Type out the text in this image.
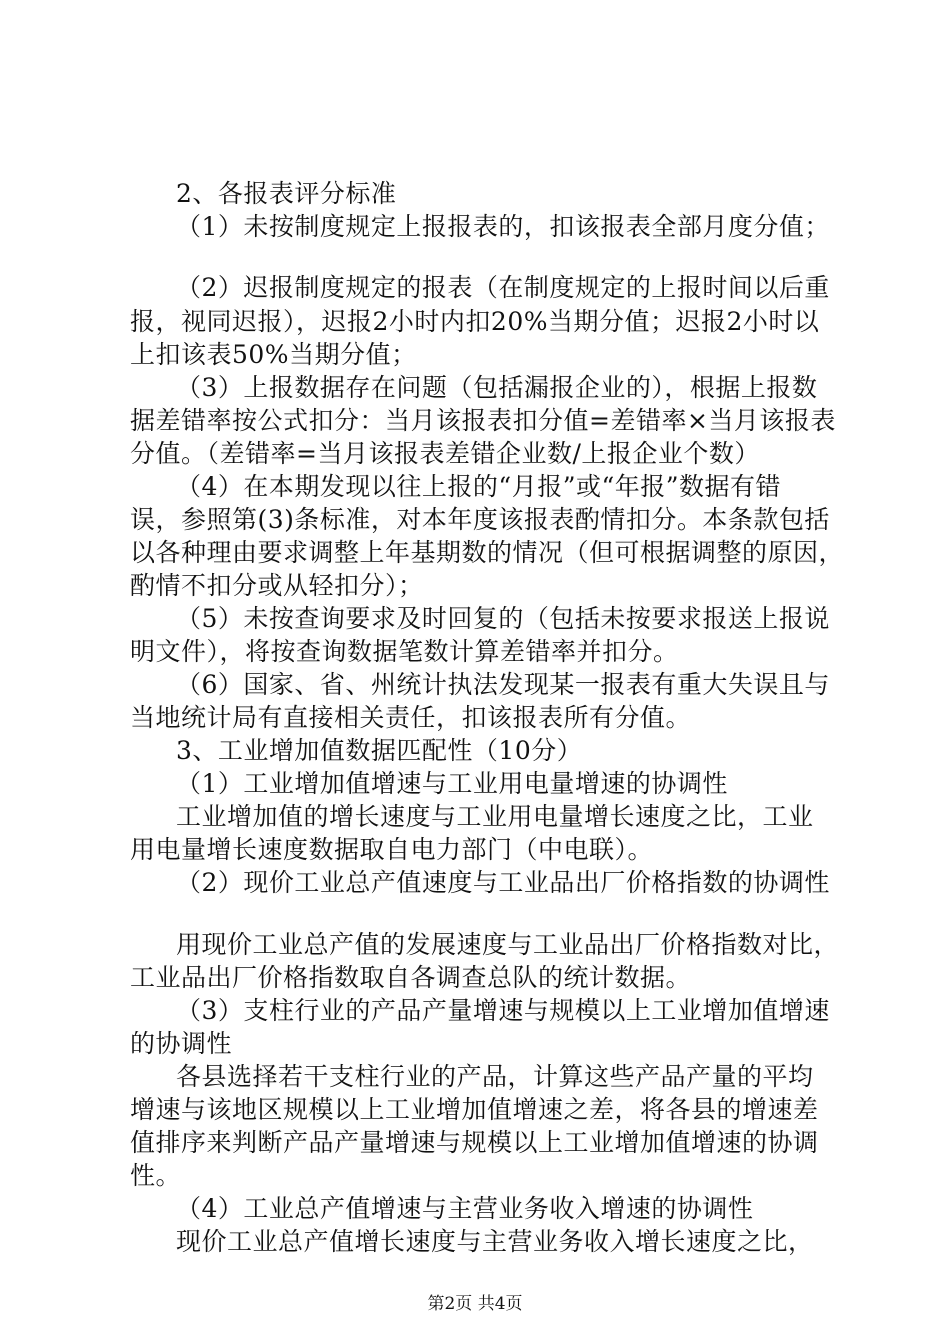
2、各报表评分标准
（1）未按制度规定上报报表的，扣该报表全部月度分值；
（2）迟报制度规定的报表（在制度规定的上报时间以后重
报，视同迟报），迟报2小时内扣20%当期分值；迟报2小时以
上扣该表50%当期分值；
（3）上报数据存在问题（包括漏报企业的），根据上报数
据差错率按公式扣分：当月该报表扣分值=差错率×当月该报表
分值。（差错率=当月该报表差错企业数/上报企业个数）
（4）在本期发现以往上报的“月报”或“年报”数据有错
误，参照第(3)条标准，对本年度该报表酌情扣分。本条款包括
以各种理由要求调整上年基期数的情况（但可根据调整的原因，
酌情不扣分或从轻扣分）；
（5）未按查询要求及时回复的（包括未按要求报送上报说
明文件），将按查询数据笔数计算差错率并扣分。
（6）国家、省、州统计执法发现某一报表有重大失误且与
当地统计局有直接相关责任，扣该报表所有分值。
3、工业增加值数据匹配性（10分）
（1）工业增加值增速与工业用电量增速的协调性
工业增加值的增长速度与工业用电量增长速度之比，工业
用电量增长速度数据取自电力部门（中电联）。
（2）现价工业总产值速度与工业品出厂价格指数的协调性
用现价工业总产值的发展速度与工业品出厂价格指数对比，
工业品出厂价格指数取自各调查总队的统计数据。
（3）支柱行业的产品产量增速与规模以上工业增加值增速
的协调性
各县选择若干支柱行业的产品，计算这些产品产量的平均
增速与该地区规模以上工业增加值增速之差，将各县的增速差
值排序来判断产品产量增速与规模以上工业增加值增速的协调
性。
（4）工业总产值增速与主营业务收入增速的协调性
现价工业总产值增长速度与主营业务收入增长速度之比，
第2页 共4页
